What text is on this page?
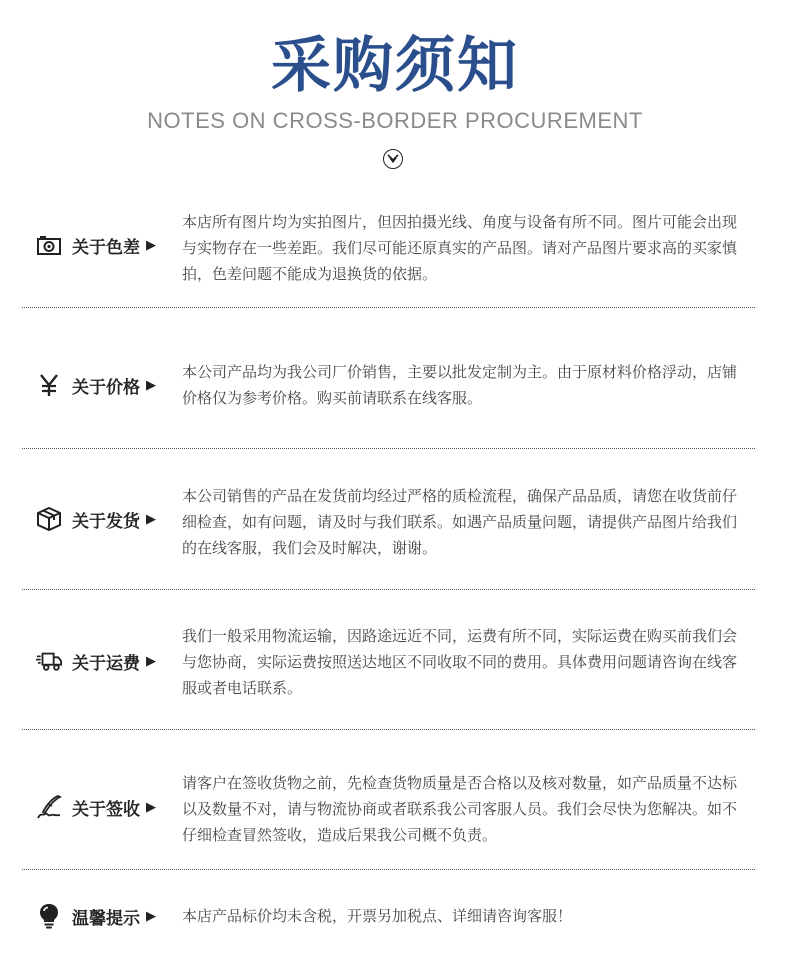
采购须知
NOTES ON CROSS-BORDER PROCUREMENT
关于色差 ▶
本店所有图片均为实拍图片，但因拍摄光线、角度与设备有所不同。图片可能会出现与实物存在一些差距。我们尽可能还原真实的产品图。请对产品图片要求高的买家慎拍，色差问题不能成为退换货的依据。
关于价格 ▶
本公司产品均为我公司厂价销售，主要以批发定制为主。由于原材料价格浮动，店铺价格仅为参考价格。购买前请联系在线客服。
关于发货 ▶
本公司销售的产品在发货前均经过严格的质检流程，确保产品品质，请您在收货前仔细检查，如有问题，请及时与我们联系。如遇产品质量问题，请提供产品图片给我们的在线客服，我们会及时解决，谢谢。
关于运费 ▶
我们一般采用物流运输，因路途远近不同，运费有所不同，实际运费在购买前我们会与您协商，实际运费按照送达地区不同收取不同的费用。具体费用问题请咨询在线客服或者电话联系。
关于签收 ▶
请客户在签收货物之前，先检查货物质量是否合格以及核对数量，如产品质量不达标以及数量不对，请与物流协商或者联系我公司客服人员。我们会尽快为您解决。如不仔细检查冒然签收，造成后果我公司概不负责。
温馨提示 ▶ 本店产品标价均未含税，开票另加税点、详细请咨询客服！
